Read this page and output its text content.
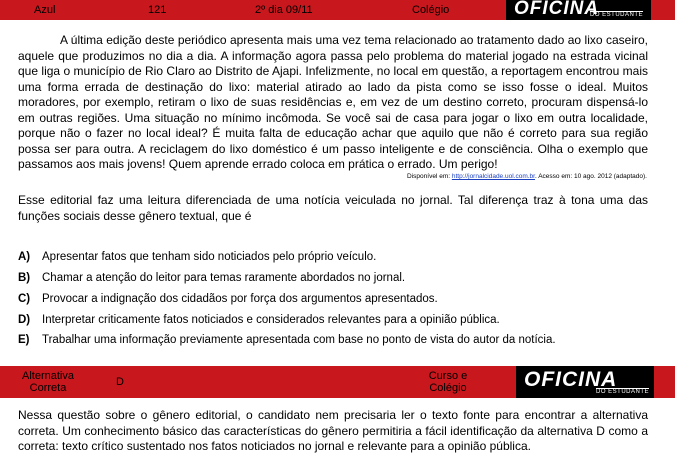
Azul	121	2º dia 09/11	Colégio	OFICINA
DO ESTUDANTE
A última edição deste periódico apresenta mais uma vez tema relacionado ao tratamento dado ao lixo caseiro, aquele que produzimos no dia a dia. A informação agora passa pelo problema do material jogado na estrada vicinal que liga o município de Rio Claro ao Distrito de Ajapi. Infelizmente, no local em questão, a reportagem encontrou mais uma forma errada de destinação do lixo: material atirado ao lado da pista como se isso fosse o ideal. Muitos moradores, por exemplo, retiram o lixo de suas residências e, em vez de um destino correto, procuram dispensá-lo em outras regiões. Uma situação no mínimo incômoda. Se você sai de casa para jogar o lixo em outra localidade, porque não o fazer no local ideal? É muita falta de educação achar que aquilo que não é correto para sua região possa ser para outra. A reciclagem do lixo doméstico é um passo inteligente e de consciência. Olha o exemplo que passamos aos mais jovens! Quem aprende errado coloca em prática o errado. Um perigo!
Disponível em: http://jornalcidade.uol.com.br. Acesso em: 10 ago. 2012 (adaptado).
Esse editorial faz uma leitura diferenciada de uma notícia veiculada no jornal. Tal diferença traz à tona uma das funções sociais desse gênero textual, que é
A) Apresentar fatos que tenham sido noticiados pelo próprio veículo.
B) Chamar a atenção do leitor para temas raramente abordados no jornal.
C) Provocar a indignação dos cidadãos por força dos argumentos apresentados.
D) Interpretar criticamente fatos noticiados e considerados relevantes para a opinião pública.
E) Trabalhar uma informação previamente apresentada com base no ponto de vista do autor da notícia.
Alternativa Correta	D	Curso e Colégio	OFICINA
DO ESTUDANTE
Nessa questão sobre o gênero editorial, o candidato nem precisaria ler o texto fonte para encontrar a alternativa correta. Um conhecimento básico das características do gênero permitiria a fácil identificação da alternativa D como a correta: texto crítico sustentado nos fatos noticiados no jornal e relevante para a opinião pública.
